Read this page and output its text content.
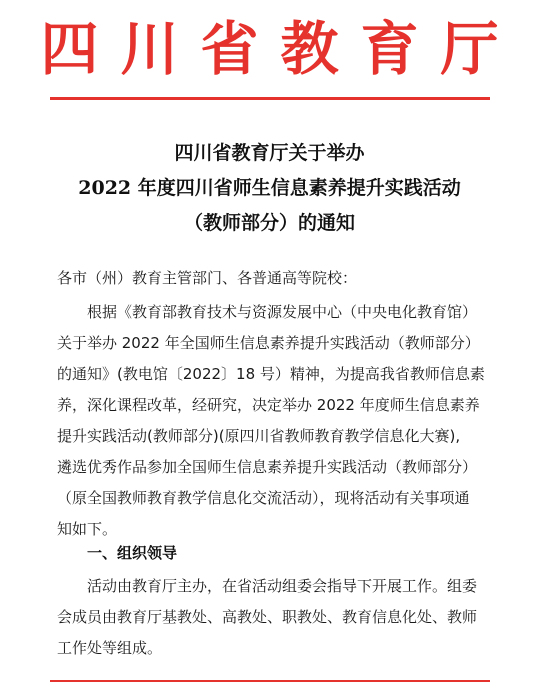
四川省教育厅
四川省教育厅关于举办
2022 年度四川省师生信息素养提升实践活动
（教师部分）的通知
各市（州）教育主管部门、各普通高等院校：
根据《教育部教育技术与资源发展中心（中央电化教育馆）
关于举办 2022 年全国师生信息素养提升实践活动（教师部分）
的通知》(教电馆〔2022〕18 号）精神，为提高我省教师信息素
养，深化课程改革，经研究，决定举办 2022 年度师生信息素养
提升实践活动(教师部分)(原四川省教师教育教学信息化大赛),
遴选优秀作品参加全国师生信息素养提升实践活动（教师部分）
（原全国教师教育教学信息化交流活动），现将活动有关事项通
知如下。
一、组织领导
活动由教育厅主办，在省活动组委会指导下开展工作。组委
会成员由教育厅基教处、高教处、职教处、教育信息化处、教师
工作处等组成。
